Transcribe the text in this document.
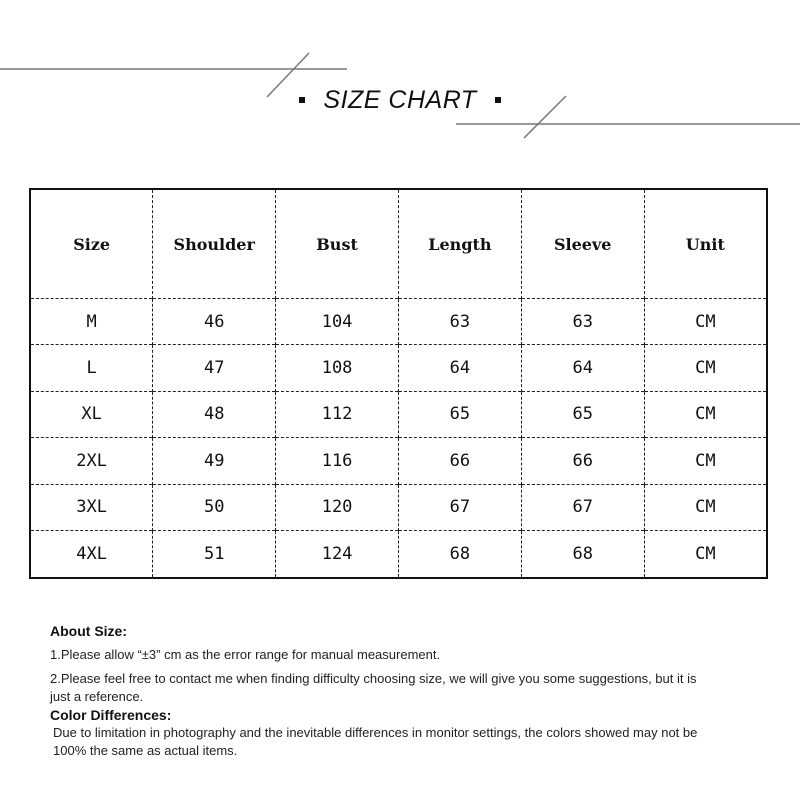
SIZE CHART
Size	Shoulder	Bust	Length	Sleeve	Unit
M	46	104	63	63	CM
L	47	108	64	64	CM
XL	48	112	65	65	CM
2XL	49	116	66	66	CM
3XL	50	120	67	67	CM
4XL	51	124	68	68	CM

About Size:

1.Please allow “±3” cm as the error range for manual measurement.

2.Please feel free to contact me when finding difficulty choosing size, we will give you some suggestions, but it is

just a reference.

Color Differences:

Due to limitation in photography and the inevitable differences in monitor settings, the colors showed may not be

100% the same as actual items.
